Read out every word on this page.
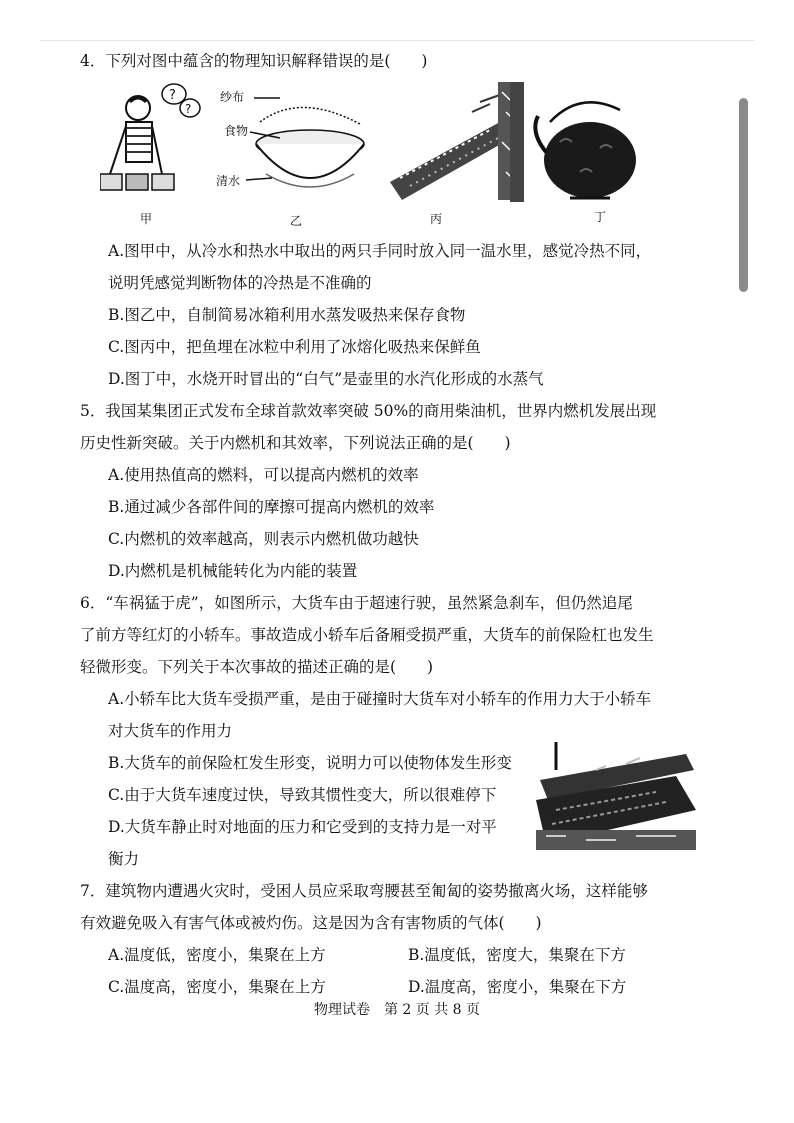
4．下列对图中蕴含的物理知识解释错误的是(　　)
?
?
甲
纱布
食物
清水
乙	丙	丁
A.图甲中，从冷水和热水中取出的两只手同时放入同一温水里，感觉冷热不同，
说明凭感觉判断物体的冷热是不准确的
B.图乙中，自制简易冰箱利用水蒸发吸热来保存食物
C.图丙中，把鱼埋在冰粒中利用了冰熔化吸热来保鲜鱼
D.图丁中，水烧开时冒出的“白气”是壶里的水汽化形成的水蒸气
5．我国某集团正式发布全球首款效率突破 50%的商用柴油机，世界内燃机发展出现
历史性新突破。关于内燃机和其效率，下列说法正确的是(　　)
A.使用热值高的燃料，可以提高内燃机的效率
B.通过减少各部件间的摩擦可提高内燃机的效率
C.内燃机的效率越高，则表示内燃机做功越快
D.内燃机是机械能转化为内能的装置
6．“车祸猛于虎”，如图所示，大货车由于超速行驶，虽然紧急刹车，但仍然追尾
了前方等红灯的小轿车。事故造成小轿车后备厢受损严重，大货车的前保险杠也发生
轻微形变。下列关于本次事故的描述正确的是(　　)
A.小轿车比大货车受损严重，是由于碰撞时大货车对小轿车的作用力大于小轿车
对大货车的作用力
B.大货车的前保险杠发生形变，说明力可以使物体发生形变
C.由于大货车速度过快，导致其惯性变大，所以很难停下
D.大货车静止时对地面的压力和它受到的支持力是一对平
衡力
7．建筑物内遭遇火灾时，受困人员应采取弯腰甚至匍匐的姿势撤离火场，这样能够
有效避免吸入有害气体或被灼伤。这是因为含有害物质的气体(　　)
A.温度低，密度小，集聚在上方	B.温度低，密度大，集聚在下方
C.温度高，密度小，集聚在上方	D.温度高，密度小，集聚在下方
物理试卷　第 2 页 共 8 页
